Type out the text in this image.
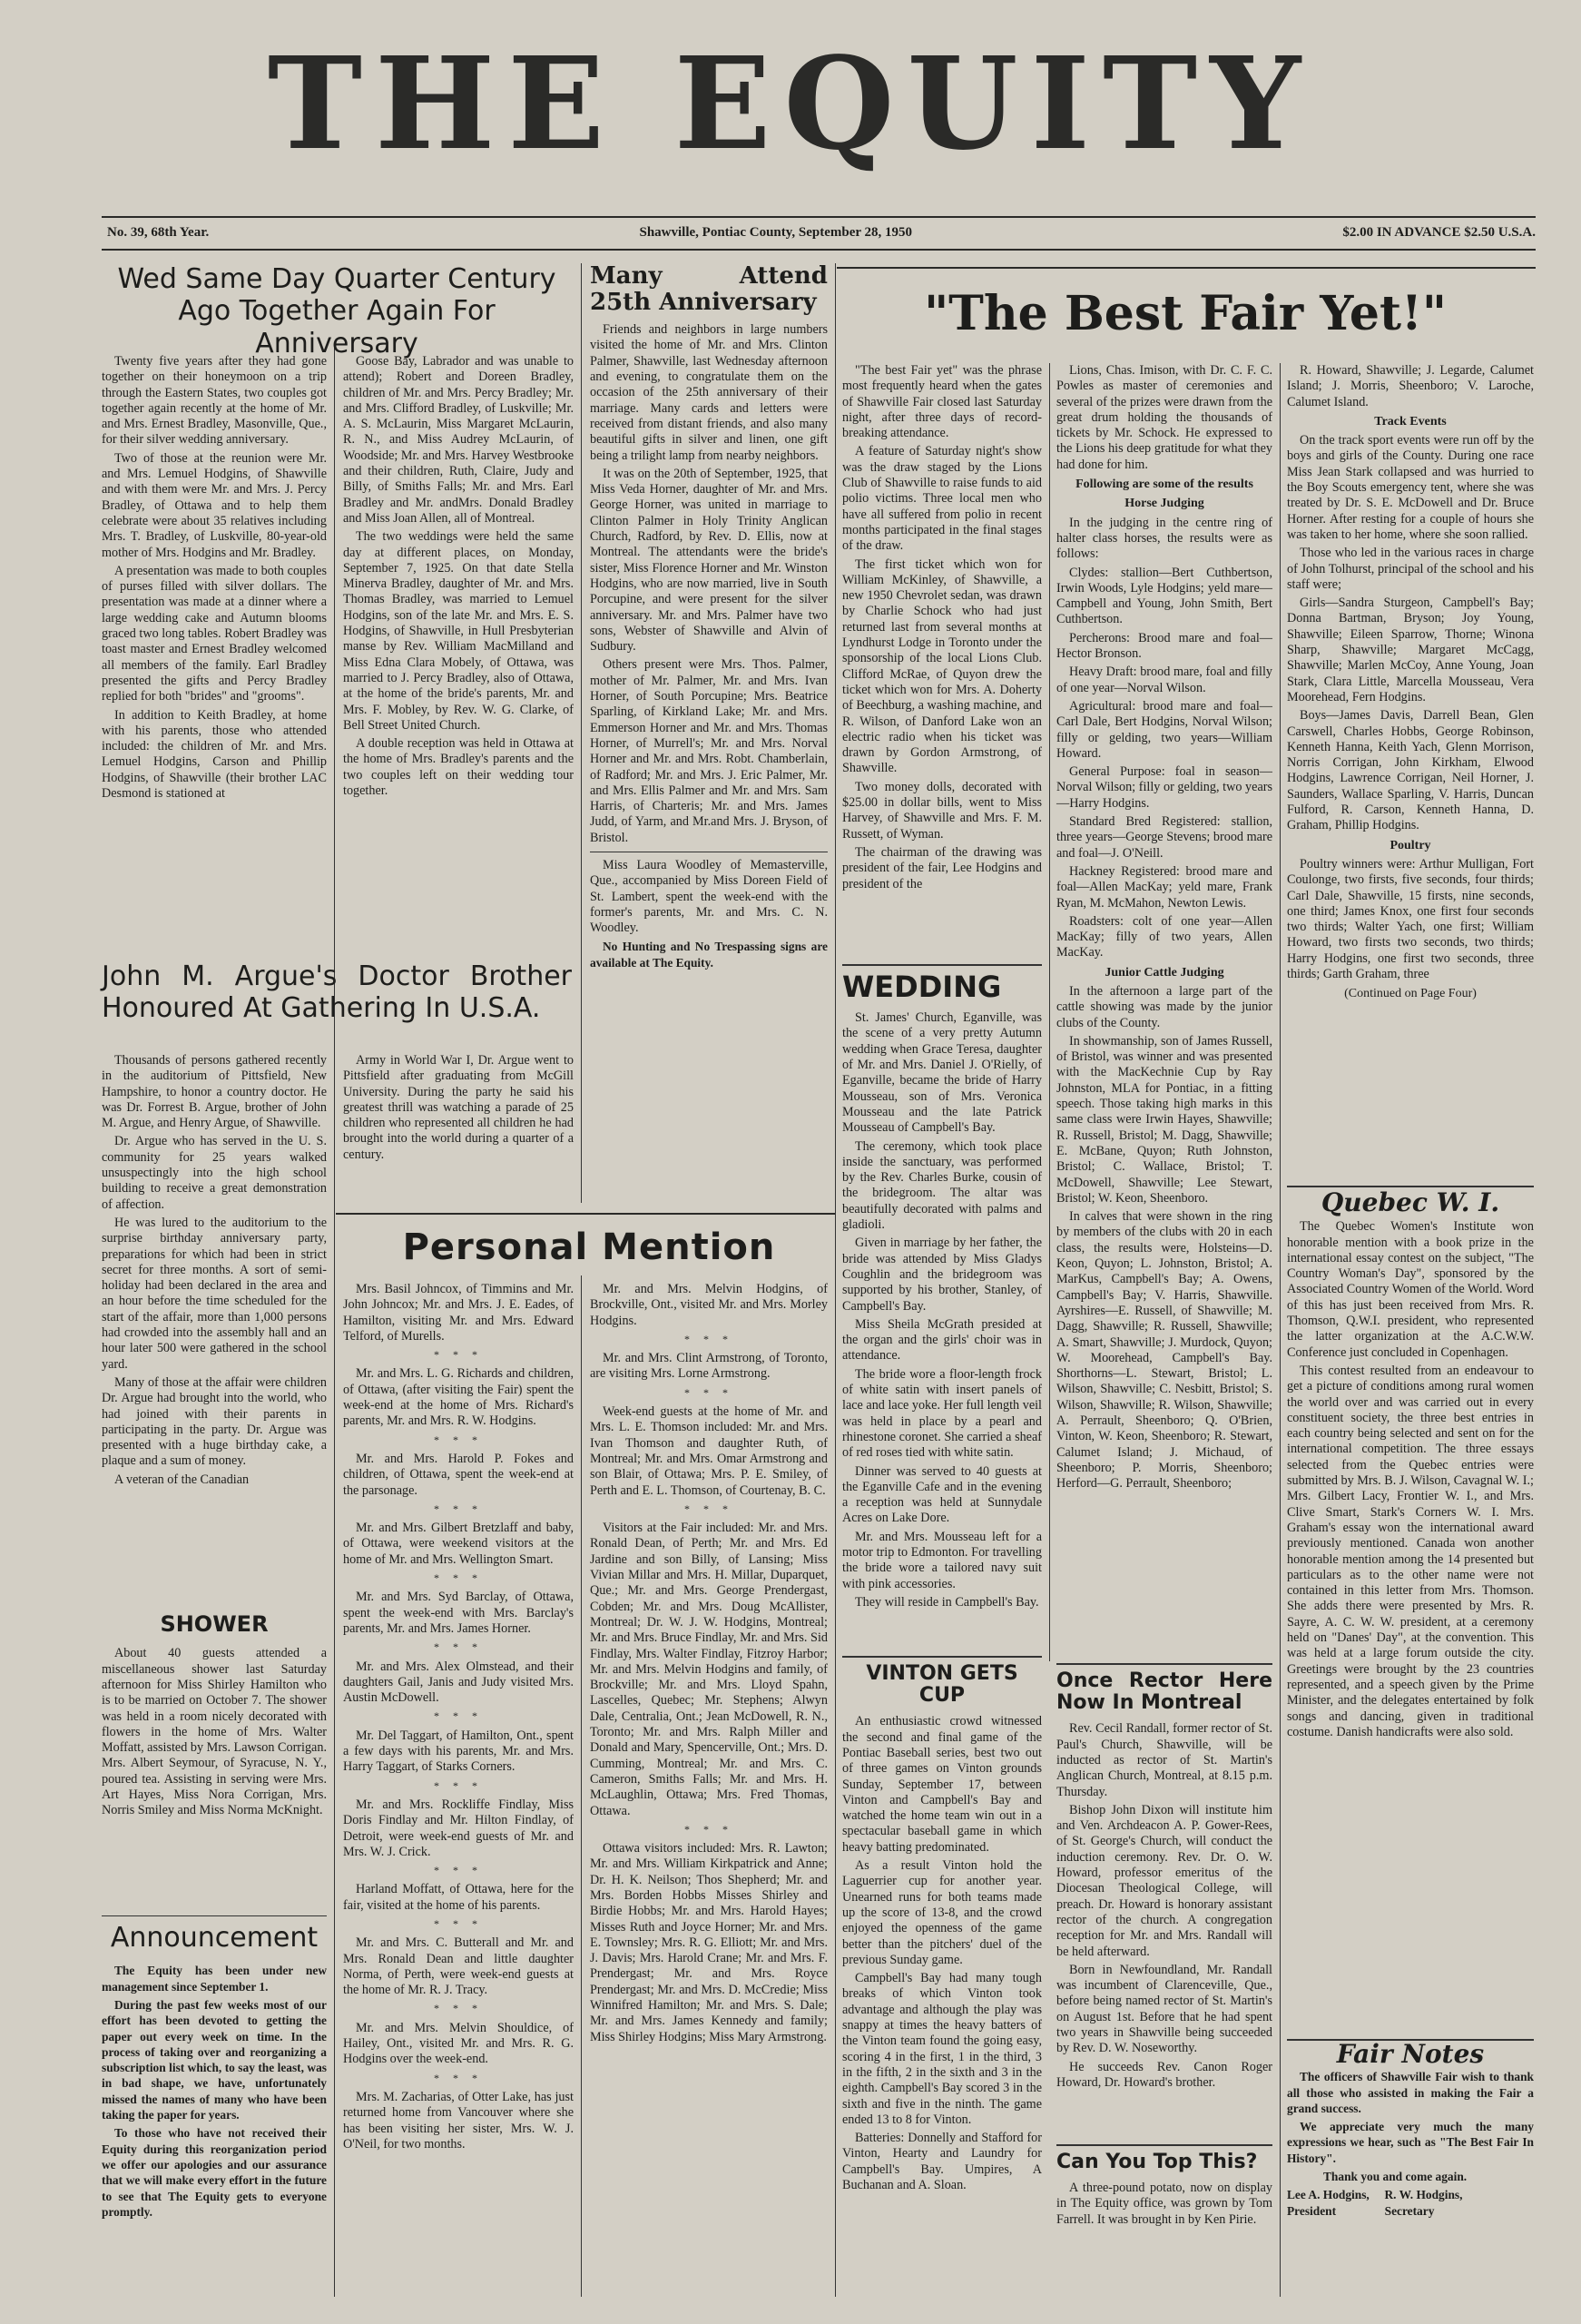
THE EQUITY
No. 39, 68th Year.	Shawville, Pontiac County, September 28, 1950	$2.00 IN ADVANCE $2.50 U.S.A.
Wed Same Day Quarter Century Ago Together Again For Anniversary

Twenty five years after they had gone together on their honeymoon on a trip through the Eastern States, two couples got together again recently at the home of Mr. and Mrs. Ernest Bradley, Masonville, Que., for their silver wedding anniversary.

Two of those at the reunion were Mr. and Mrs. Lemuel Hodgins, of Shawville and with them were Mr. and Mrs. J. Percy Bradley, of Ottawa and to help them celebrate were about 35 relatives including Mrs. T. Bradley, of Luskville, 80-year-old mother of Mrs. Hodgins and Mr. Bradley.

A presentation was made to both couples of purses filled with silver dollars. The presentation was made at a dinner where a large wedding cake and Autumn blooms graced two long tables. Robert Bradley was toast master and Ernest Bradley welcomed all members of the family. Earl Bradley presented the gifts and Percy Bradley replied for both "brides" and "grooms".

In addition to Keith Bradley, at home with his parents, those who attended included: the children of Mr. and Mrs. Lemuel Hodgins, Carson and Phillip Hodgins, of Shawville (their brother LAC Desmond is stationed at

Goose Bay, Labrador and was unable to attend); Robert and Doreen Bradley, children of Mr. and Mrs. Percy Bradley; Mr. and Mrs. Clifford Bradley, of Luskville; Mr. A. S. McLaurin, Miss Margaret McLaurin, R. N., and Miss Audrey McLaurin, of Woodside; Mr. and Mrs. Harvey Westbrooke and their children, Ruth, Claire, Judy and Billy, of Smiths Falls; Mr. and Mrs. Earl Bradley and Mr. andMrs. Donald Bradley and Miss Joan Allen, all of Montreal.

The two weddings were held the same day at different places, on Monday, September 7, 1925. On that date Stella Minerva Bradley, daughter of Mr. and Mrs. Thomas Bradley, was married to Lemuel Hodgins, son of the late Mr. and Mrs. E. S. Hodgins, of Shawville, in Hull Presbyterian manse by Rev. William MacMilland and Miss Edna Clara Mobely, of Ottawa, was married to J. Percy Bradley, also of Ottawa, at the home of the bride's parents, Mr. and Mrs. F. Mobley, by Rev. W. G. Clarke, of Bell Street United Church.

A double reception was held in Ottawa at the home of Mrs. Bradley's parents and the two couples left on their wedding tour together.

Many Attend 25th Anniversary

Friends and neighbors in large numbers visited the home of Mr. and Mrs. Clinton Palmer, Shawville, last Wednesday afternoon and evening, to congratulate them on the occasion of the 25th anniversary of their marriage. Many cards and letters were received from distant friends, and also many beautiful gifts in silver and linen, one gift being a trilight lamp from nearby neighbors.

It was on the 20th of September, 1925, that Miss Veda Horner, daughter of Mr. and Mrs. George Horner, was united in marriage to Clinton Palmer in Holy Trinity Anglican Church, Radford, by Rev. D. Ellis, now at Montreal. The attendants were the bride's sister, Miss Florence Horner and Mr. Winston Hodgins, who are now married, live in South Porcupine, and were present for the silver anniversary. Mr. and Mrs. Palmer have two sons, Webster of Shawville and Alvin of Sudbury.

Others present were Mrs. Thos. Palmer, mother of Mr. Palmer, Mr. and Mrs. Ivan Horner, of South Porcupine; Mrs. Beatrice Sparling, of Kirkland Lake; Mr. and Mrs. Emmerson Horner and Mr. and Mrs. Thomas Horner, of Murrell's; Mr. and Mrs. Norval Horner and Mr. and Mrs. Robt. Chamberlain, of Radford; Mr. and Mrs. J. Eric Palmer, Mr. and Mrs. Ellis Palmer and Mr. and Mrs. Sam Harris, of Charteris; Mr. and Mrs. James Judd, of Yarm, and Mr.and Mrs. J. Bryson, of Bristol.

Miss Laura Woodley of Memasterville, Que., accompanied by Miss Doreen Field of St. Lambert, spent the week-end with the former's parents, Mr. and Mrs. C. N. Woodley.

No Hunting and No Trespassing signs are available at The Equity.

"The Best Fair Yet!"

"The best Fair yet" was the phrase most frequently heard when the gates of Shawville Fair closed last Saturday night, after three days of record-breaking attendance.

A feature of Saturday night's show was the draw staged by the Lions Club of Shawville to raise funds to aid polio victims. Three local men who have all suffered from polio in recent months participated in the final stages of the draw.

The first ticket which won for William McKinley, of Shawville, a new 1950 Chevrolet sedan, was drawn by Charlie Schock who had just returned last from several months at Lyndhurst Lodge in Toronto under the sponsorship of the local Lions Club. Clifford McRae, of Quyon drew the ticket which won for Mrs. A. Doherty of Beechburg, a washing machine, and R. Wilson, of Danford Lake won an electric radio when his ticket was drawn by Gordon Armstrong, of Shawville.

Two money dolls, decorated with $25.00 in dollar bills, went to Miss Harvey, of Shawville and Mrs. F. M. Russett, of Wyman.

The chairman of the drawing was president of the fair, Lee Hodgins and president of the

Lions, Chas. Imison, with Dr. C. F. C. Powles as master of ceremonies and several of the prizes were drawn from the great drum holding the thousands of tickets by Mr. Schock. He expressed to the Lions his deep gratitude for what they had done for him.

Following are some of the results
Horse Judging

In the judging in the centre ring of halter class horses, the results were as follows:

Clydes: stallion—Bert Cuthbertson, Irwin Woods, Lyle Hodgins; yeld mare—Campbell and Young, John Smith, Bert Cuthbertson.

Percherons: Brood mare and foal—Hector Bronson.

Heavy Draft: brood mare, foal and filly of one year—Norval Wilson.

Agricultural: brood mare and foal—Carl Dale, Bert Hodgins, Norval Wilson; filly or gelding, two years—William Howard.

General Purpose: foal in season—Norval Wilson; filly or gelding, two years—Harry Hodgins.

Standard Bred Registered: stallion, three years—George Stevens; brood mare and foal—J. O'Neill.

Hackney Registered: brood mare and foal—Allen MacKay; yeld mare, Frank Ryan, M. McMahon, Newton Lewis.

Roadsters: colt of one year—Allen MacKay; filly of two years, Allen MacKay.

Junior Cattle Judging

In the afternoon a large part of the cattle showing was made by the junior clubs of the County.

In showmanship, son of James Russell, of Bristol, was winner and was presented with the MacKechnie Cup by Ray Johnston, MLA for Pontiac, in a fitting speech. Those taking high marks in this same class were Irwin Hayes, Shawville; R. Russell, Bristol; M. Dagg, Shawville; E. McBane, Quyon; Ruth Johnston, Bristol; C. Wallace, Bristol; T. McDowell, Shawville; Lee Stewart, Bristol; W. Keon, Sheenboro.

In calves that were shown in the ring by members of the clubs with 20 in each class, the results were, Holsteins—D. Keon, Quyon; L. Johnston, Bristol; A. MarKus, Campbell's Bay; A. Owens, Campbell's Bay; V. Harris, Shawville. Ayrshires—E. Russell, of Shawville; M. Dagg, Shawville; R. Russell, Shawville; A. Smart, Shawville; J. Murdock, Quyon; W. Moorehead, Campbell's Bay. Shorthorns—L. Stewart, Bristol; L. Wilson, Shawville; C. Nesbitt, Bristol; S. Wilson, Shawville; R. Wilson, Shawville; A. Perrault, Sheenboro; Q. O'Brien, Vinton, W. Keon, Sheenboro; R. Stewart, Calumet Island; J. Michaud, of Sheenboro; P. Morris, Sheenboro; Herford—G. Perrault, Sheenboro;

R. Howard, Shawville; J. Legarde, Calumet Island; J. Morris, Sheenboro; V. Laroche, Calumet Island.

Track Events

On the track sport events were run off by the boys and girls of the County. During one race Miss Jean Stark collapsed and was hurried to the Boy Scouts emergency tent, where she was treated by Dr. S. E. McDowell and Dr. Bruce Horner. After resting for a couple of hours she was taken to her home, where she soon rallied.

Those who led in the various races in charge of John Tolhurst, principal of the school and his staff were;

Girls—Sandra Sturgeon, Campbell's Bay; Donna Bartman, Bryson; Joy Young, Shawville; Eileen Sparrow, Thorne; Winona Sharp, Shawville; Margaret McCagg, Shawville; Marlen McCoy, Anne Young, Joan Stark, Clara Little, Marcella Mousseau, Vera Moorehead, Fern Hodgins.

Boys—James Davis, Darrell Bean, Glen Carswell, Charles Hobbs, George Robinson, Kenneth Hanna, Keith Yach, Glenn Morrison, Norris Corrigan, John Kirkham, Elwood Hodgins, Lawrence Corrigan, Neil Horner, J. Saunders, Wallace Sparling, V. Harris, Duncan Fulford, R. Carson, Kenneth Hanna, D. Graham, Phillip Hodgins.

Poultry

Poultry winners were: Arthur Mulligan, Fort Coulonge, two firsts, five seconds, four thirds; Carl Dale, Shawville, 15 firsts, nine seconds, one third; James Knox, one first four seconds two thirds; Walter Yach, one first; William Howard, two firsts two seconds, two thirds; Harry Hodgins, one first two seconds, three thirds; Garth Graham, three

(Continued on Page Four)
John M. Argue's Doctor Brother Honoured At Gathering In U.S.A.

Thousands of persons gathered recently in the auditorium of Pittsfield, New Hampshire, to honor a country doctor. He was Dr. Forrest B. Argue, brother of John M. Argue, and Henry Argue, of Shawville.

Dr. Argue who has served in the U. S. community for 25 years walked unsuspectingly into the high school building to receive a great demonstration of affection.

He was lured to the auditorium to the surprise birthday anniversary party, preparations for which had been in strict secret for three months. A sort of semi-holiday had been declared in the area and an hour before the time scheduled for the start of the affair, more than 1,000 persons had crowded into the assembly hall and an hour later 500 were gathered in the school yard.

Many of those at the affair were children Dr. Argue had brought into the world, who had joined with their parents in participating in the party. Dr. Argue was presented with a huge birthday cake, a plaque and a sum of money.

A veteran of the Canadian

Army in World War I, Dr. Argue went to Pittsfield after graduating from McGill University. During the party he said his greatest thrill was watching a parade of 25 children who represented all children he had brought into the world during a quarter of a century.

SHOWER

About 40 guests attended a miscellaneous shower last Saturday afternoon for Miss Shirley Hamilton who is to be married on October 7. The shower was held in a room nicely decorated with flowers in the home of Mrs. Walter Moffatt, assisted by Mrs. Lawson Corrigan. Mrs. Albert Seymour, of Syracuse, N. Y., poured tea. Assisting in serving were Mrs. Art Hayes, Miss Nora Corrigan, Mrs. Norris Smiley and Miss Norma McKnight.

Announcement

The Equity has been under new management since September 1.

During the past few weeks most of our effort has been devoted to getting the paper out every week on time. In the process of taking over and reorganizing a subscription list which, to say the least, was in bad shape, we have, unfortunately missed the names of many who have been taking the paper for years.

To those who have not received their Equity during this reorganization period we offer our apologies and our assurance that we will make every effort in the future to see that The Equity gets to everyone promptly.

Personal Mention

Mrs. Basil Johncox, of Timmins and Mr. John Johncox; Mr. and Mrs. J. E. Eades, of Hamilton, visiting Mr. and Mrs. Edward Telford, of Murells.

* * *

Mr. and Mrs. L. G. Richards and children, of Ottawa, (after visiting the Fair) spent the week-end at the home of Mrs. Richard's parents, Mr. and Mrs. R. W. Hodgins.

* * *

Mr. and Mrs. Harold P. Fokes and children, of Ottawa, spent the week-end at the parsonage.

* * *

Mr. and Mrs. Gilbert Bretzlaff and baby, of Ottawa, were weekend visitors at the home of Mr. and Mrs. Wellington Smart.

* * *

Mr. and Mrs. Syd Barclay, of Ottawa, spent the week-end with Mrs. Barclay's parents, Mr. and Mrs. James Horner.

* * *

Mr. and Mrs. Alex Olmstead, and their daughters Gail, Janis and Judy visited Mrs. Austin McDowell.

* * *

Mr. Del Taggart, of Hamilton, Ont., spent a few days with his parents, Mr. and Mrs. Harry Taggart, of Starks Corners.

* * *

Mr. and Mrs. Rockliffe Findlay, Miss Doris Findlay and Mr. Hilton Findlay, of Detroit, were week-end guests of Mr. and Mrs. W. J. Crick.

* * *

Harland Moffatt, of Ottawa, here for the fair, visited at the home of his parents.

* * *

Mr. and Mrs. C. Butterall and Mr. and Mrs. Ronald Dean and little daughter Norma, of Perth, were week-end guests at the home of Mr. R. J. Tracy.

* * *

Mr. and Mrs. Melvin Shouldice, of Hailey, Ont., visited Mr. and Mrs. R. G. Hodgins over the week-end.

* * *

Mrs. M. Zacharias, of Otter Lake, has just returned home from Vancouver where she has been visiting her sister, Mrs. W. J. O'Neil, for two months.

Mr. and Mrs. Melvin Hodgins, of Brockville, Ont., visited Mr. and Mrs. Morley Hodgins.

* * *

Mr. and Mrs. Clint Armstrong, of Toronto, are visiting Mrs. Lorne Armstrong.

* * *

Week-end guests at the home of Mr. and Mrs. L. E. Thomson included: Mr. and Mrs. Ivan Thomson and daughter Ruth, of Montreal; Mr. and Mrs. Omar Armstrong and son Blair, of Ottawa; Mrs. P. E. Smiley, of Perth and E. L. Thomson, of Courtenay, B. C.

* * *

Visitors at the Fair included: Mr. and Mrs. Ronald Dean, of Perth; Mr. and Mrs. Ed Jardine and son Billy, of Lansing; Miss Vivian Millar and Mrs. H. Millar, Duparquet, Que.; Mr. and Mrs. George Prendergast, Cobden; Mr. and Mrs. Doug McAllister, Montreal; Dr. W. J. W. Hodgins, Montreal; Mr. and Mrs. Bruce Findlay, Mr. and Mrs. Sid Findlay, Mrs. Walter Findlay, Fitzroy Harbor; Mr. and Mrs. Melvin Hodgins and family, of Brockville; Mr. and Mrs. Lloyd Spahn, Lascelles, Quebec; Mr. Stephens; Alwyn Dale, Centralia, Ont.; Jean McDowell, R. N., Toronto; Mr. and Mrs. Ralph Miller and Donald and Mary, Spencerville, Ont.; Mrs. D. Cumming, Montreal; Mr. and Mrs. C. Cameron, Smiths Falls; Mr. and Mrs. H. McLaughlin, Ottawa; Mrs. Fred Thomas, Ottawa.

* * *

Ottawa visitors included: Mrs. R. Lawton; Mr. and Mrs. William Kirkpatrick and Anne; Dr. H. K. Neilson; Thos Shepherd; Mr. and Mrs. Borden Hobbs Misses Shirley and Birdie Hobbs; Mr. and Mrs. Harold Hayes; Misses Ruth and Joyce Horner; Mr. and Mrs. E. Townsley; Mrs. R. G. Elliott; Mr. and Mrs. J. Davis; Mrs. Harold Crane; Mr. and Mrs. F. Prendergast; Mr. and Mrs. Royce Prendergast; Mr. and Mrs. D. McCredie; Miss Winnifred Hamilton; Mr. and Mrs. S. Dale; Mr. and Mrs. James Kennedy and family; Miss Shirley Hodgins; Miss Mary Armstrong.

WEDDING

St. James' Church, Eganville, was the scene of a very pretty Autumn wedding when Grace Teresa, daughter of Mr. and Mrs. Daniel J. O'Rielly, of Eganville, became the bride of Harry Mousseau, son of Mrs. Veronica Mousseau and the late Patrick Mousseau of Campbell's Bay.

The ceremony, which took place inside the sanctuary, was performed by the Rev. Charles Burke, cousin of the bridegroom. The altar was beautifully decorated with palms and gladioli.

Given in marriage by her father, the bride was attended by Miss Gladys Coughlin and the bridegroom was supported by his brother, Stanley, of Campbell's Bay.

Miss Sheila McGrath presided at the organ and the girls' choir was in attendance.

The bride wore a floor-length frock of white satin with insert panels of lace and lace yoke. Her full length veil was held in place by a pearl and rhinestone coronet. She carried a sheaf of red roses tied with white satin.

Dinner was served to 40 guests at the Eganville Cafe and in the evening a reception was held at Sunnydale Acres on Lake Dore.

Mr. and Mrs. Mousseau left for a motor trip to Edmonton. For travelling the bride wore a tailored navy suit with pink accessories.

They will reside in Campbell's Bay.

VINTON GETS CUP

An enthusiastic crowd witnessed the second and final game of the Pontiac Baseball series, best two out of three games on Vinton grounds Sunday, September 17, between Vinton and Campbell's Bay and watched the home team win out in a spectacular baseball game in which heavy batting predominated.

As a result Vinton hold the Laguerrier cup for another year. Unearned runs for both teams made up the score of 13-8, and the crowd enjoyed the openness of the game better than the pitchers' duel of the previous Sunday game.

Campbell's Bay had many tough breaks of which Vinton took advantage and although the play was snappy at times the heavy batters of the Vinton team found the going easy, scoring 4 in the first, 1 in the third, 3 in the fifth, 2 in the sixth and 3 in the eighth. Campbell's Bay scored 3 in the sixth and five in the ninth. The game ended 13 to 8 for Vinton.

Batteries: Donnelly and Stafford for Vinton, Hearty and Laundry for Campbell's Bay. Umpires, A Buchanan and A. Sloan.

Once Rector Here Now In Montreal

Rev. Cecil Randall, former rector of St. Paul's Church, Shawville, will be inducted as rector of St. Martin's Anglican Church, Montreal, at 8.15 p.m. Thursday.

Bishop John Dixon will institute him and Ven. Archdeacon A. P. Gower-Rees, of St. George's Church, will conduct the induction ceremony. Rev. Dr. O. W. Howard, professor emeritus of the Diocesan Theological College, will preach. Dr. Howard is honorary assistant rector of the church. A congregation reception for Mr. and Mrs. Randall will be held afterward.

Born in Newfoundland, Mr. Randall was incumbent of Clarenceville, Que., before being named rector of St. Martin's on August 1st. Before that he had spent two years in Shawville being succeeded by Rev. D. W. Noseworthy.

He succeeds Rev. Canon Roger Howard, Dr. Howard's brother.

Can You Top This?

A three-pound potato, now on display in The Equity office, was grown by Tom Farrell. It was brought in by Ken Pirie.

Quebec W. I.

The Quebec Women's Institute won honorable mention with a book prize in the international essay contest on the subject, "The Country Woman's Day", sponsored by the Associated Country Women of the World. Word of this has just been received from Mrs. R. Thomson, Q.W.I. president, who represented the latter organization at the A.C.W.W. Conference just concluded in Copenhagen.

This contest resulted from an endeavour to get a picture of conditions among rural women the world over and was carried out in every constituent society, the three best entries in each country being selected and sent on for the international competition. The three essays selected from the Quebec entries were submitted by Mrs. B. J. Wilson, Cavagnal W. I.; Mrs. Gilbert Lacy, Frontier W. I., and Mrs. Clive Smart, Stark's Corners W. I. Mrs. Graham's essay won the international award previously mentioned. Canada won another honorable mention among the 14 presented but particulars as to the other name were not contained in this letter from Mrs. Thomson. She adds there were presented by Mrs. R. Sayre, A. C. W. W. president, at a ceremony held on "Danes' Day", at the convention. This was held at a large forum outside the city. Greetings were brought by the 23 countries represented, and a speech given by the Prime Minister, and the delegates entertained by folk songs and dancing, given in traditional costume. Danish handicrafts were also sold.

Fair Notes

The officers of Shawville Fair wish to thank all those who assisted in making the Fair a grand success.

We appreciate very much the many expressions we hear, such as "The Best Fair In History".

Thank you and come again.

Lee A. Hodgins,     R. W. Hodgins,
President                Secretary
